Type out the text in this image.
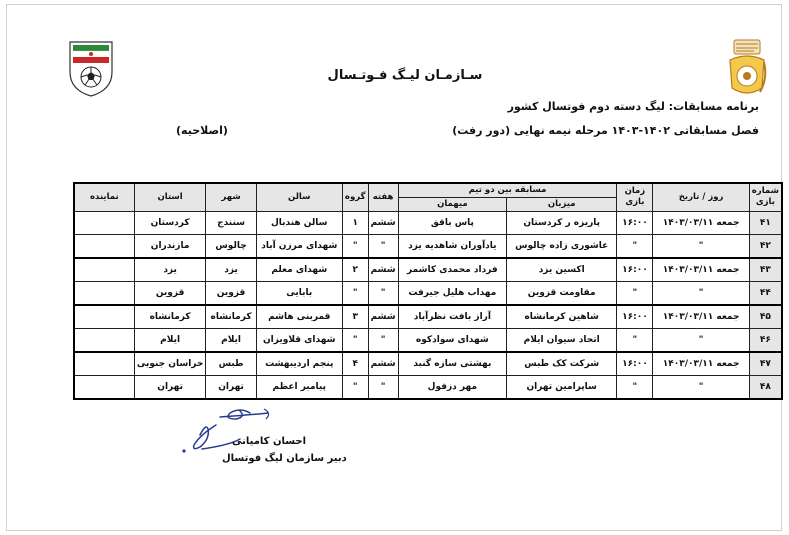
سـازمـان لیـگ فـوتـسال
برنامه مسابقات: لیگ دسته دوم فوتسال کشور
فصل مسابقاتی ۱۴۰۲-۱۴۰۳ مرحله نیمه نهایی (دور رفت)
(اصلاحیه)
شماره بازی	روز / تاریخ	زمان بازی	مسابقه بین دو تیم		هفته	گروه	سالن	شهر	استان	نماینده
			میزبان	میهمان						
۴۱	جمعه ۱۴۰۳/۰۳/۱۱	۱۶:۰۰	پاریزه ر کردستان	پاس باقق	ششم	۱	سالن هندبال	سنندج	کردستان	
۴۲	"	"	عاشوری زاده چالوس	یادآوران شاهدیه یزد	"	"	شهدای مرزن آباد	چالوس	مازندران	
۴۳	جمعه ۱۴۰۳/۰۳/۱۱	۱۶:۰۰	اکسین یزد	فرداد محمدی کاشمر	ششم	۲	شهدای معلم	یزد	یزد	
۴۴	"	"	مقاومت قزوین	مهداب هلیل جیرفت	"	"	بابایی	قزوین	قزوین	
۴۵	جمعه ۱۴۰۳/۰۳/۱۱	۱۶:۰۰	شاهین کرمانشاه	آراز بافت نظرآباد	ششم	۳	قمربنی هاشم	کرمانشاه	کرمانشاه	
۴۶	"	"	اتحاد سیوان ایلام	شهدای سوادکوه	"	"	شهدای قلاویزان	ایلام	ایلام	
۴۷	جمعه ۱۴۰۳/۰۳/۱۱	۱۶:۰۰	شرکت کک طبس	بهشتی سازه گنبد	ششم	۴	پنجم اردیبهشت	طبس	خراسان جنوبی	
۴۸	"	"	ساپرامین تهران	مهر دزفول	"	"	پیامبر اعظم	تهران	تهران	
احسان کامیانی
دبیر سازمان لیگ فوتسال
